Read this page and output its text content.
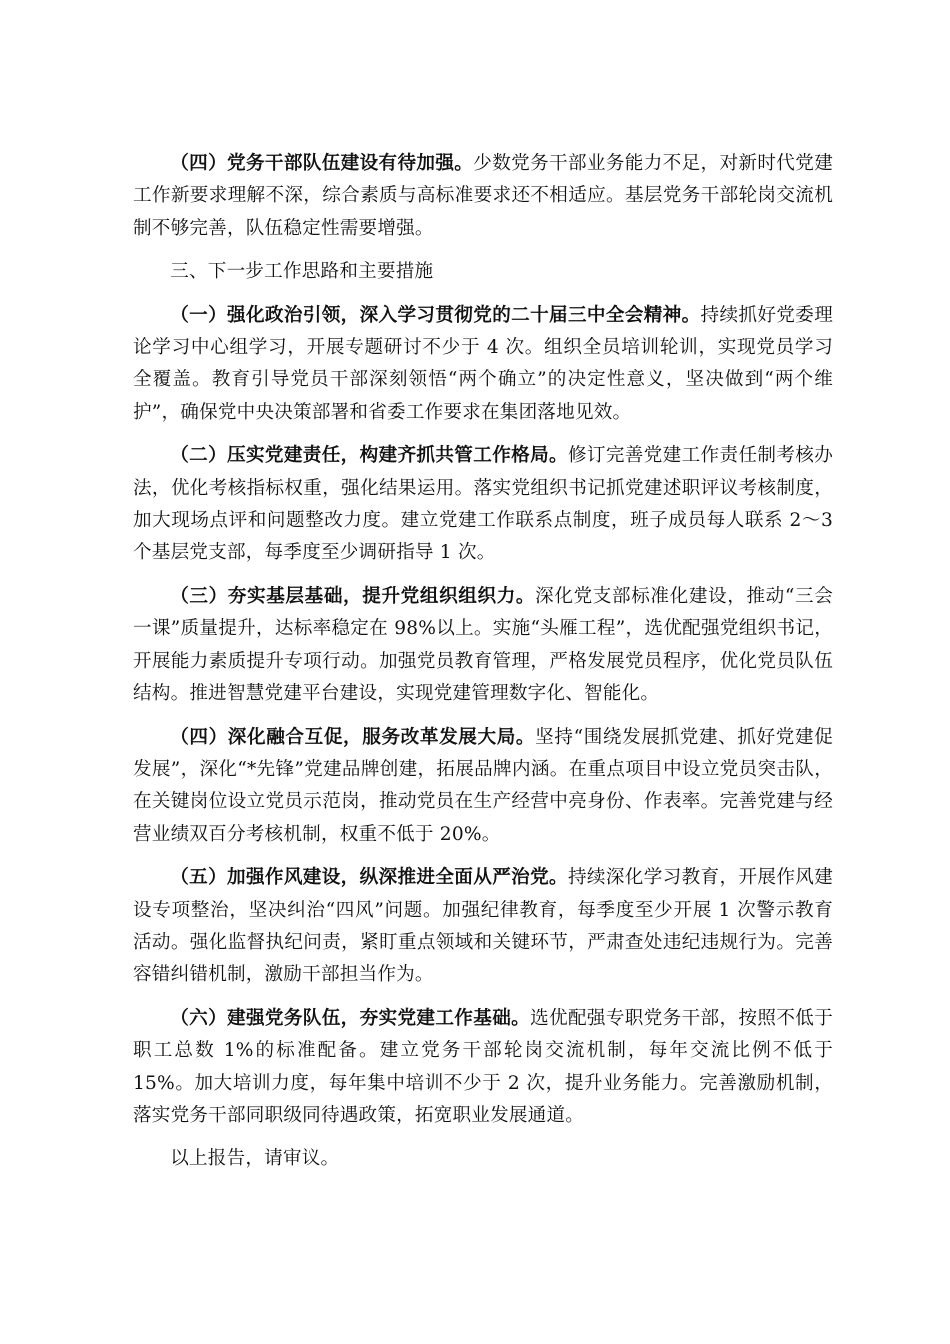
（四）党务干部队伍建设有待加强。少数党务干部业务能力不足，对新时代党建工作新要求理解不深，综合素质与高标准要求还不相适应。基层党务干部轮岗交流机制不够完善，队伍稳定性需要增强。

三、下一步工作思路和主要措施

（一）强化政治引领，深入学习贯彻党的二十届三中全会精神。持续抓好党委理论学习中心组学习，开展专题研讨不少于 4 次。组织全员培训轮训，实现党员学习全覆盖。教育引导党员干部深刻领悟“两个确立”的决定性意义，坚决做到“两个维护”，确保党中央决策部署和省委工作要求在集团落地见效。

（二）压实党建责任，构建齐抓共管工作格局。修订完善党建工作责任制考核办法，优化考核指标权重，强化结果运用。落实党组织书记抓党建述职评议考核制度，加大现场点评和问题整改力度。建立党建工作联系点制度，班子成员每人联系 2～3 个基层党支部，每季度至少调研指导 1 次。

（三）夯实基层基础，提升党组织组织力。深化党支部标准化建设，推动“三会一课”质量提升，达标率稳定在 98%以上。实施“头雁工程”，选优配强党组织书记，开展能力素质提升专项行动。加强党员教育管理，严格发展党员程序，优化党员队伍结构。推进智慧党建平台建设，实现党建管理数字化、智能化。

（四）深化融合互促，服务改革发展大局。坚持“围绕发展抓党建、抓好党建促发展”，深化“*先锋”党建品牌创建，拓展品牌内涵。在重点项目中设立党员突击队，在关键岗位设立党员示范岗，推动党员在生产经营中亮身份、作表率。完善党建与经营业绩双百分考核机制，权重不低于 20%。

（五）加强作风建设，纵深推进全面从严治党。持续深化学习教育，开展作风建设专项整治，坚决纠治“四风”问题。加强纪律教育，每季度至少开展 1 次警示教育活动。强化监督执纪问责，紧盯重点领域和关键环节，严肃查处违纪违规行为。完善容错纠错机制，激励干部担当作为。

（六）建强党务队伍，夯实党建工作基础。选优配强专职党务干部，按照不低于职工总数 1%的标准配备。建立党务干部轮岗交流机制，每年交流比例不低于 15%。加大培训力度，每年集中培训不少于 2 次，提升业务能力。完善激励机制，落实党务干部同职级同待遇政策，拓宽职业发展通道。

以上报告，请审议。
